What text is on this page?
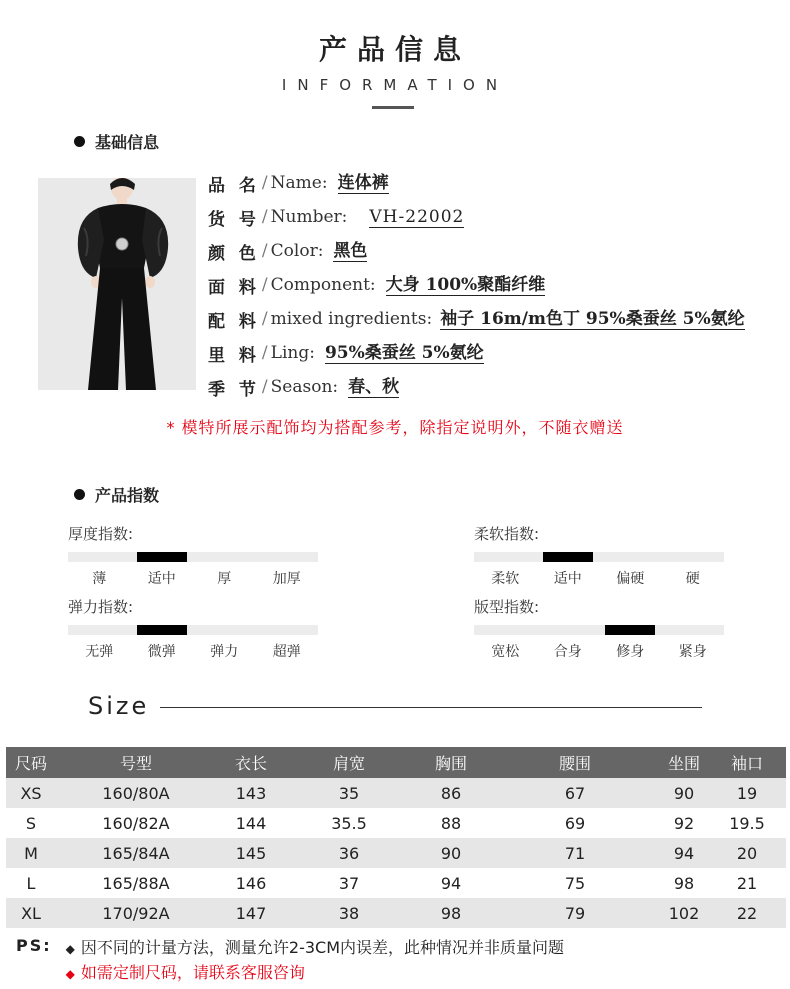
产品信息
INFORMATION
基础信息
品 名 / Name: 连体裤
货 号 / Number: VH-22002
颜 色 / Color: 黑色
面 料 / Component: 大身 100%聚酯纤维
配 料 / mixed ingredients: 袖子 16m/m色丁 95%桑蚕丝 5%氨纶
里 料 / Ling: 95%桑蚕丝 5%氨纶
季 节 / Season: 春、秋
* 模特所展示配饰均为搭配参考，除指定说明外，不随衣赠送
产品指数
厚度指数:
薄	适中	厚	加厚
柔软指数:
柔软	适中	偏硬	硬
弹力指数:
无弹	微弹	弹力	超弹
版型指数:
宽松	合身	修身	紧身
Size
尺码	号型	衣长	肩宽	胸围	腰围	坐围	袖口
XS	160/80A	143	35	86	67	90	19
S	160/82A	144	35.5	88	69	92	19.5
M	165/84A	145	36	90	71	94	20
L	165/88A	146	37	94	75	98	21
XL	170/92A	147	38	98	79	102	22
PS: ◆ 因不同的计量方法，测量允许2-3CM内误差，此种情况并非质量问题
◆ 如需定制尺码，请联系客服咨询
